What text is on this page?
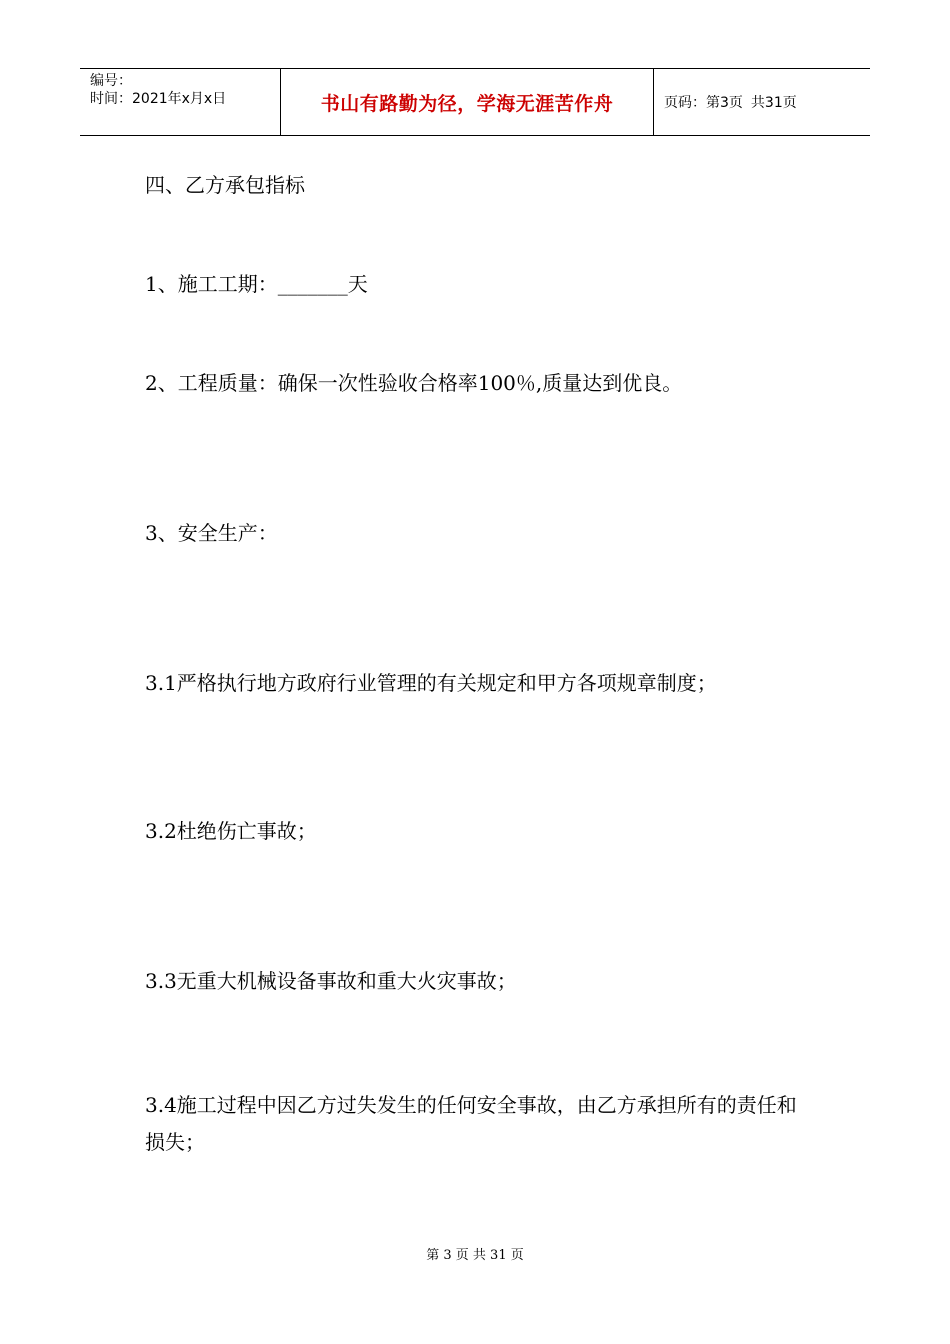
编号：
时间：2021年x月x日	书山有路勤为径，学海无涯苦作舟	页码：第3页 共31页
四、乙方承包指标
1、施工工期：_______天
2、工程质量：确保一次性验收合格率100％,质量达到优良。
3、安全生产：
3.1严格执行地方政府行业管理的有关规定和甲方各项规章制度；
3.2杜绝伤亡事故；
3.3无重大机械设备事故和重大火灾事故；
3.4施工过程中因乙方过失发生的任何安全事故，由乙方承担所有的责任和损失；
第 3 页 共 31 页
